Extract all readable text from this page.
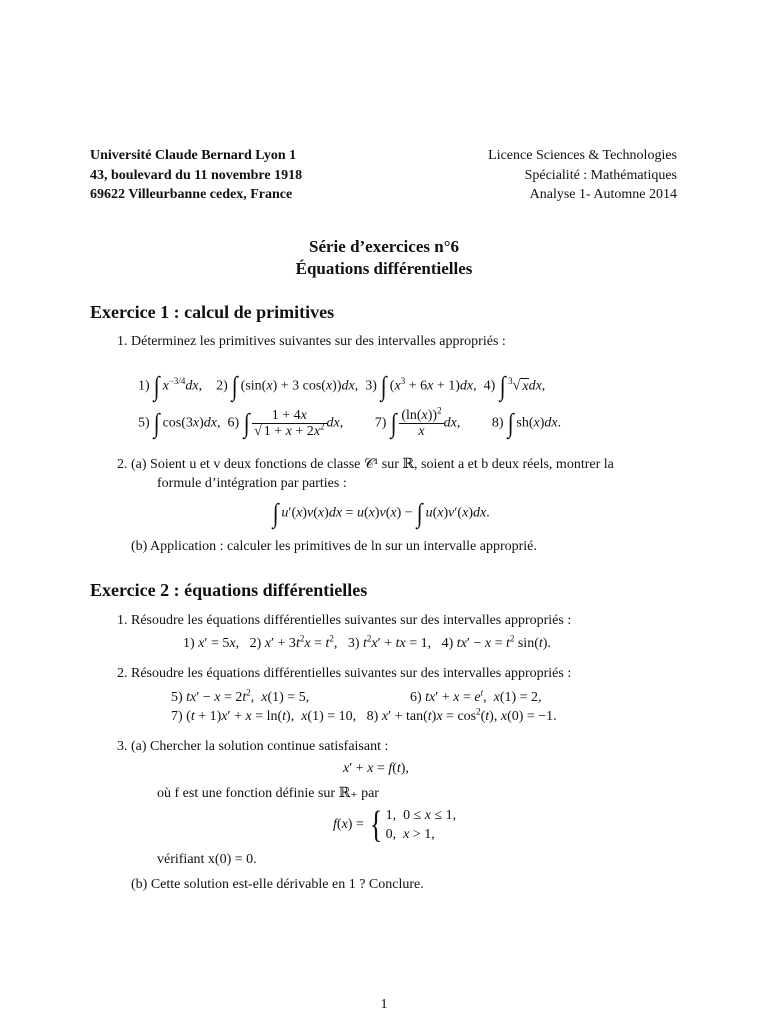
Université Claude Bernard Lyon 1
43, boulevard du 11 novembre 1918
69622 Villeurbanne cedex, France
Licence Sciences & Technologies
Spécialité : Mathématiques
Analyse 1- Automne 2014
Série d’exercices n°6
Équations différentielles
Exercice 1 : calcul de primitives
1. Déterminez les primitives suivantes sur des intervalles appropriés :
1) ∫ $x^{-3/4}dx$,    2) ∫ (sin(x) + 3 cos(x))dx,  3) ∫ $(x^3 + 6x + 1)dx$,  4) ∫ $^3$√ xdx,
5) ∫ cos(3x)dx,  6) ∫ $\frac{1 + 4x}{√ 1 + x + 2x^2}$ dx,         7) ∫ $\frac{(\ln(x))^2}{x}$ dx,         8) ∫ sh(x)dx.
2. (a) Soient u et v deux fonctions de classe 𝒞¹ sur ℝ, soient a et b deux réels, montrer la
formule d’intégration par parties :
∫ u′(x)v(x)dx = u(x)v(x) − ∫ u(x)v′(x)dx.
(b) Application : calculer les primitives de ln sur un intervalle approprié.
Exercice 2 : équations différentielles
1. Résoudre les équations différentielles suivantes sur des intervalles appropriés :
1) x′ = 5x,   2) $x' + 3t^2x = t^2$,   3) $t^2x'$ + tx = 1,   4) $tx' - x = t^2$ sin(t).
2. Résoudre les équations différentielles suivantes sur des intervalles appropriés :
5) $tx' - x = 2t^2$,  x(1) = 5,	6) $tx' + x = e^t$,  x(1) = 2,
7) (t + 1)x′ + x = ln(t),  x(1) = 10,   8) $x' + \tan(t)x = \cos^2(t)$, x(0) = −1.
3. (a) Chercher la solution continue satisfaisant :
x′ + x = f(t),
où f est une fonction définie sur ℝ₊ par
f(x) = { 1,  0 ≤ x ≤ 1,
0,  x > 1,
vérifiant x(0) = 0.
(b) Cette solution est-elle dérivable en 1 ? Conclure.
1
